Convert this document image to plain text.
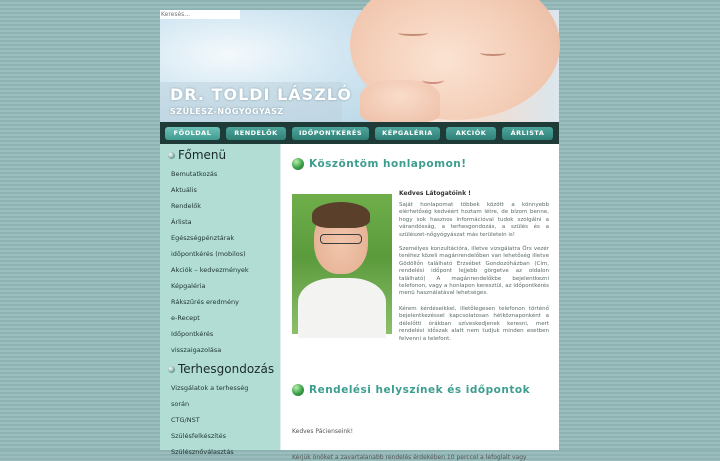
DR. TOLDI LÁSZLÓ
SZÜLÉSZ-NŐGYÓGYÁSZ
Keresés...
FŐOLDAL	RENDELŐK	IDŐPONTKÉRÉS	KÉPGALÉRIA	AKCIÓK	ÁRLISTA
Főmenü
Bemutatkozás
Aktuális
Rendelők
Árlista
Egészségpénztárak
időpontkérés (mobilos)
Akciók – kedvezmények
Képgaléria
Rákszűrés eredmény
e-Recept
Időpontkérés
visszaigazolása
Terhesgondozás
Vizsgálatok a terhesség
során
CTG/NST
Szülésfelkészítés
Szülésznőválasztás
Köszöntöm honlapomon!
Kedves Látogatóink !
Saját honlapomat többek között a könnyebb elérhetőség kedvéért hoztam létre, de bízom benne, hogy sok hasznos információval tudok szolgálni a várandósság, a terhesgondozás, a szülés és a szülészet-nőgyógyászat más területein is!
Személyes konzultációra, illetve vizsgálatra Őrs vezér teréhez közeli magánrendelőben van lehetőség illetve Gödöllőn található Erzsébet Gondozóházban (Cím, rendelési időpont lejjebb görgetve az oldalon található) A magánrendelőkbe bejelentkezni telefonon, vagy a honlapon keresztül, az időpontkérés menü használatával lehetséges.
Kérem kérdéseikkel, illetőlegesen telefonon történő bejelentkezéssel kapcsolatosan hétköznaponként a délelőtti órákban szíveskedjenek keresni, mert rendelési időszak alatt nem tudjuk minden esetben felvenni a telefont.
Rendelési helyszínek és időpontok
Kedves Pácienseink!
Kérjük önöket a zavartalanabb rendelés érdekében 10 perccel a lefoglalt vagy
